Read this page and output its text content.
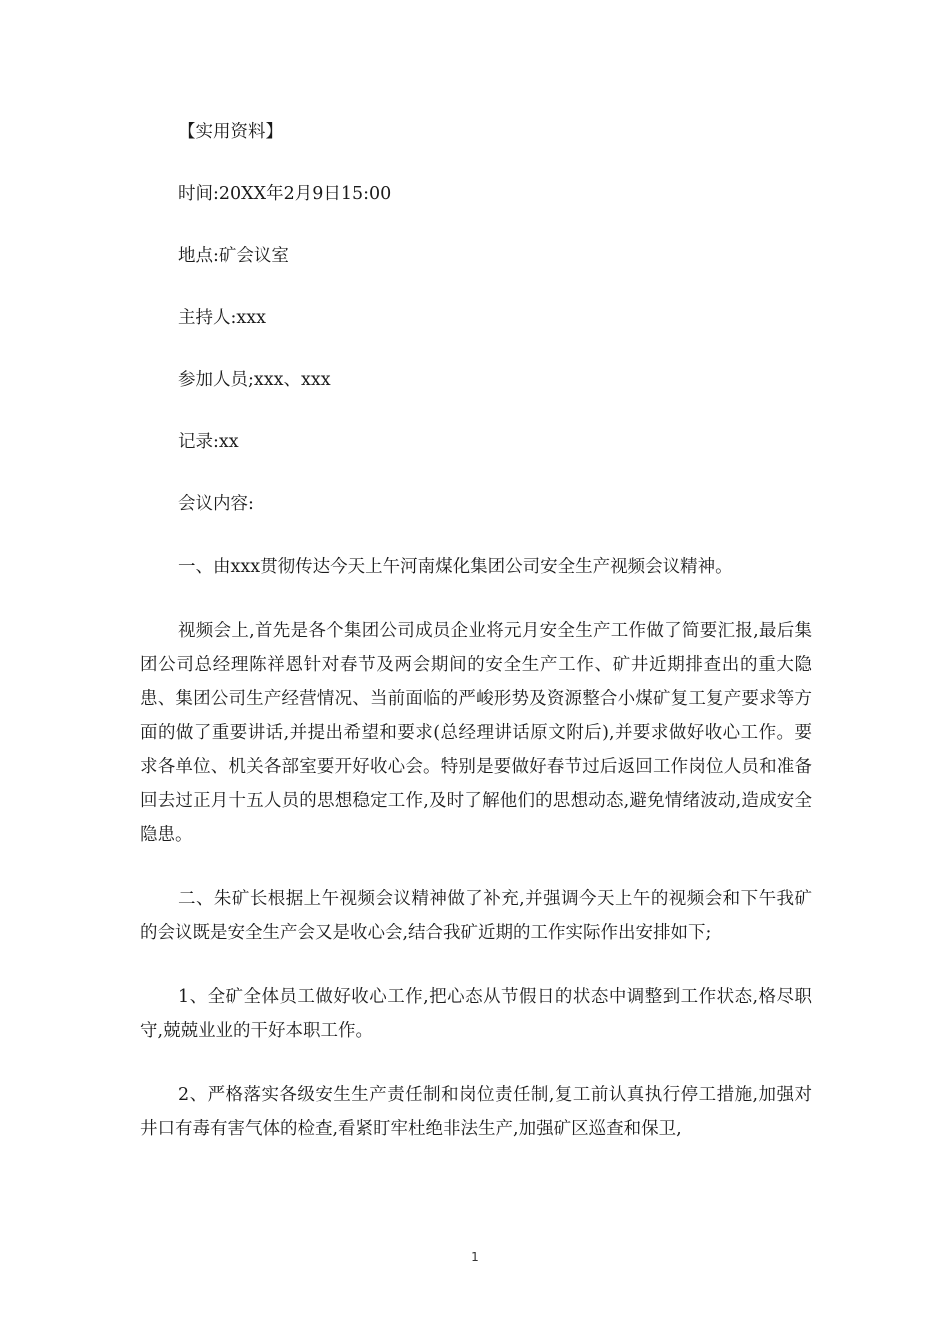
【实用资料】

时间:20XX年2月9日15:00

地点:矿会议室

主持人:xxx

参加人员;xxx、xxx

记录:xx

会议内容:

一、由xxx贯彻传达今天上午河南煤化集团公司安全生产视频会议精神。

视频会上,首先是各个集团公司成员企业将元月安全生产工作做了简要汇报,最后集团公司总经理陈祥恩针对春节及两会期间的安全生产工作、矿井近期排查出的重大隐患、集团公司生产经营情况、当前面临的严峻形势及资源整合小煤矿复工复产要求等方面的做了重要讲话,并提出希望和要求(总经理讲话原文附后),并要求做好收心工作。要求各单位、机关各部室要开好收心会。特别是要做好春节过后返回工作岗位人员和准备回去过正月十五人员的思想稳定工作,及时了解他们的思想动态,避免情绪波动,造成安全隐患。

二、朱矿长根据上午视频会议精神做了补充,并强调今天上午的视频会和下午我矿的会议既是安全生产会又是收心会,结合我矿近期的工作实际作出安排如下;

1、全矿全体员工做好收心工作,把心态从节假日的状态中调整到工作状态,格尽职守,兢兢业业的干好本职工作。

2、严格落实各级安生生产责任制和岗位责任制,复工前认真执行停工措施,加强对井口有毒有害气体的检查,看紧盯牢杜绝非法生产,加强矿区巡查和保卫,

1
